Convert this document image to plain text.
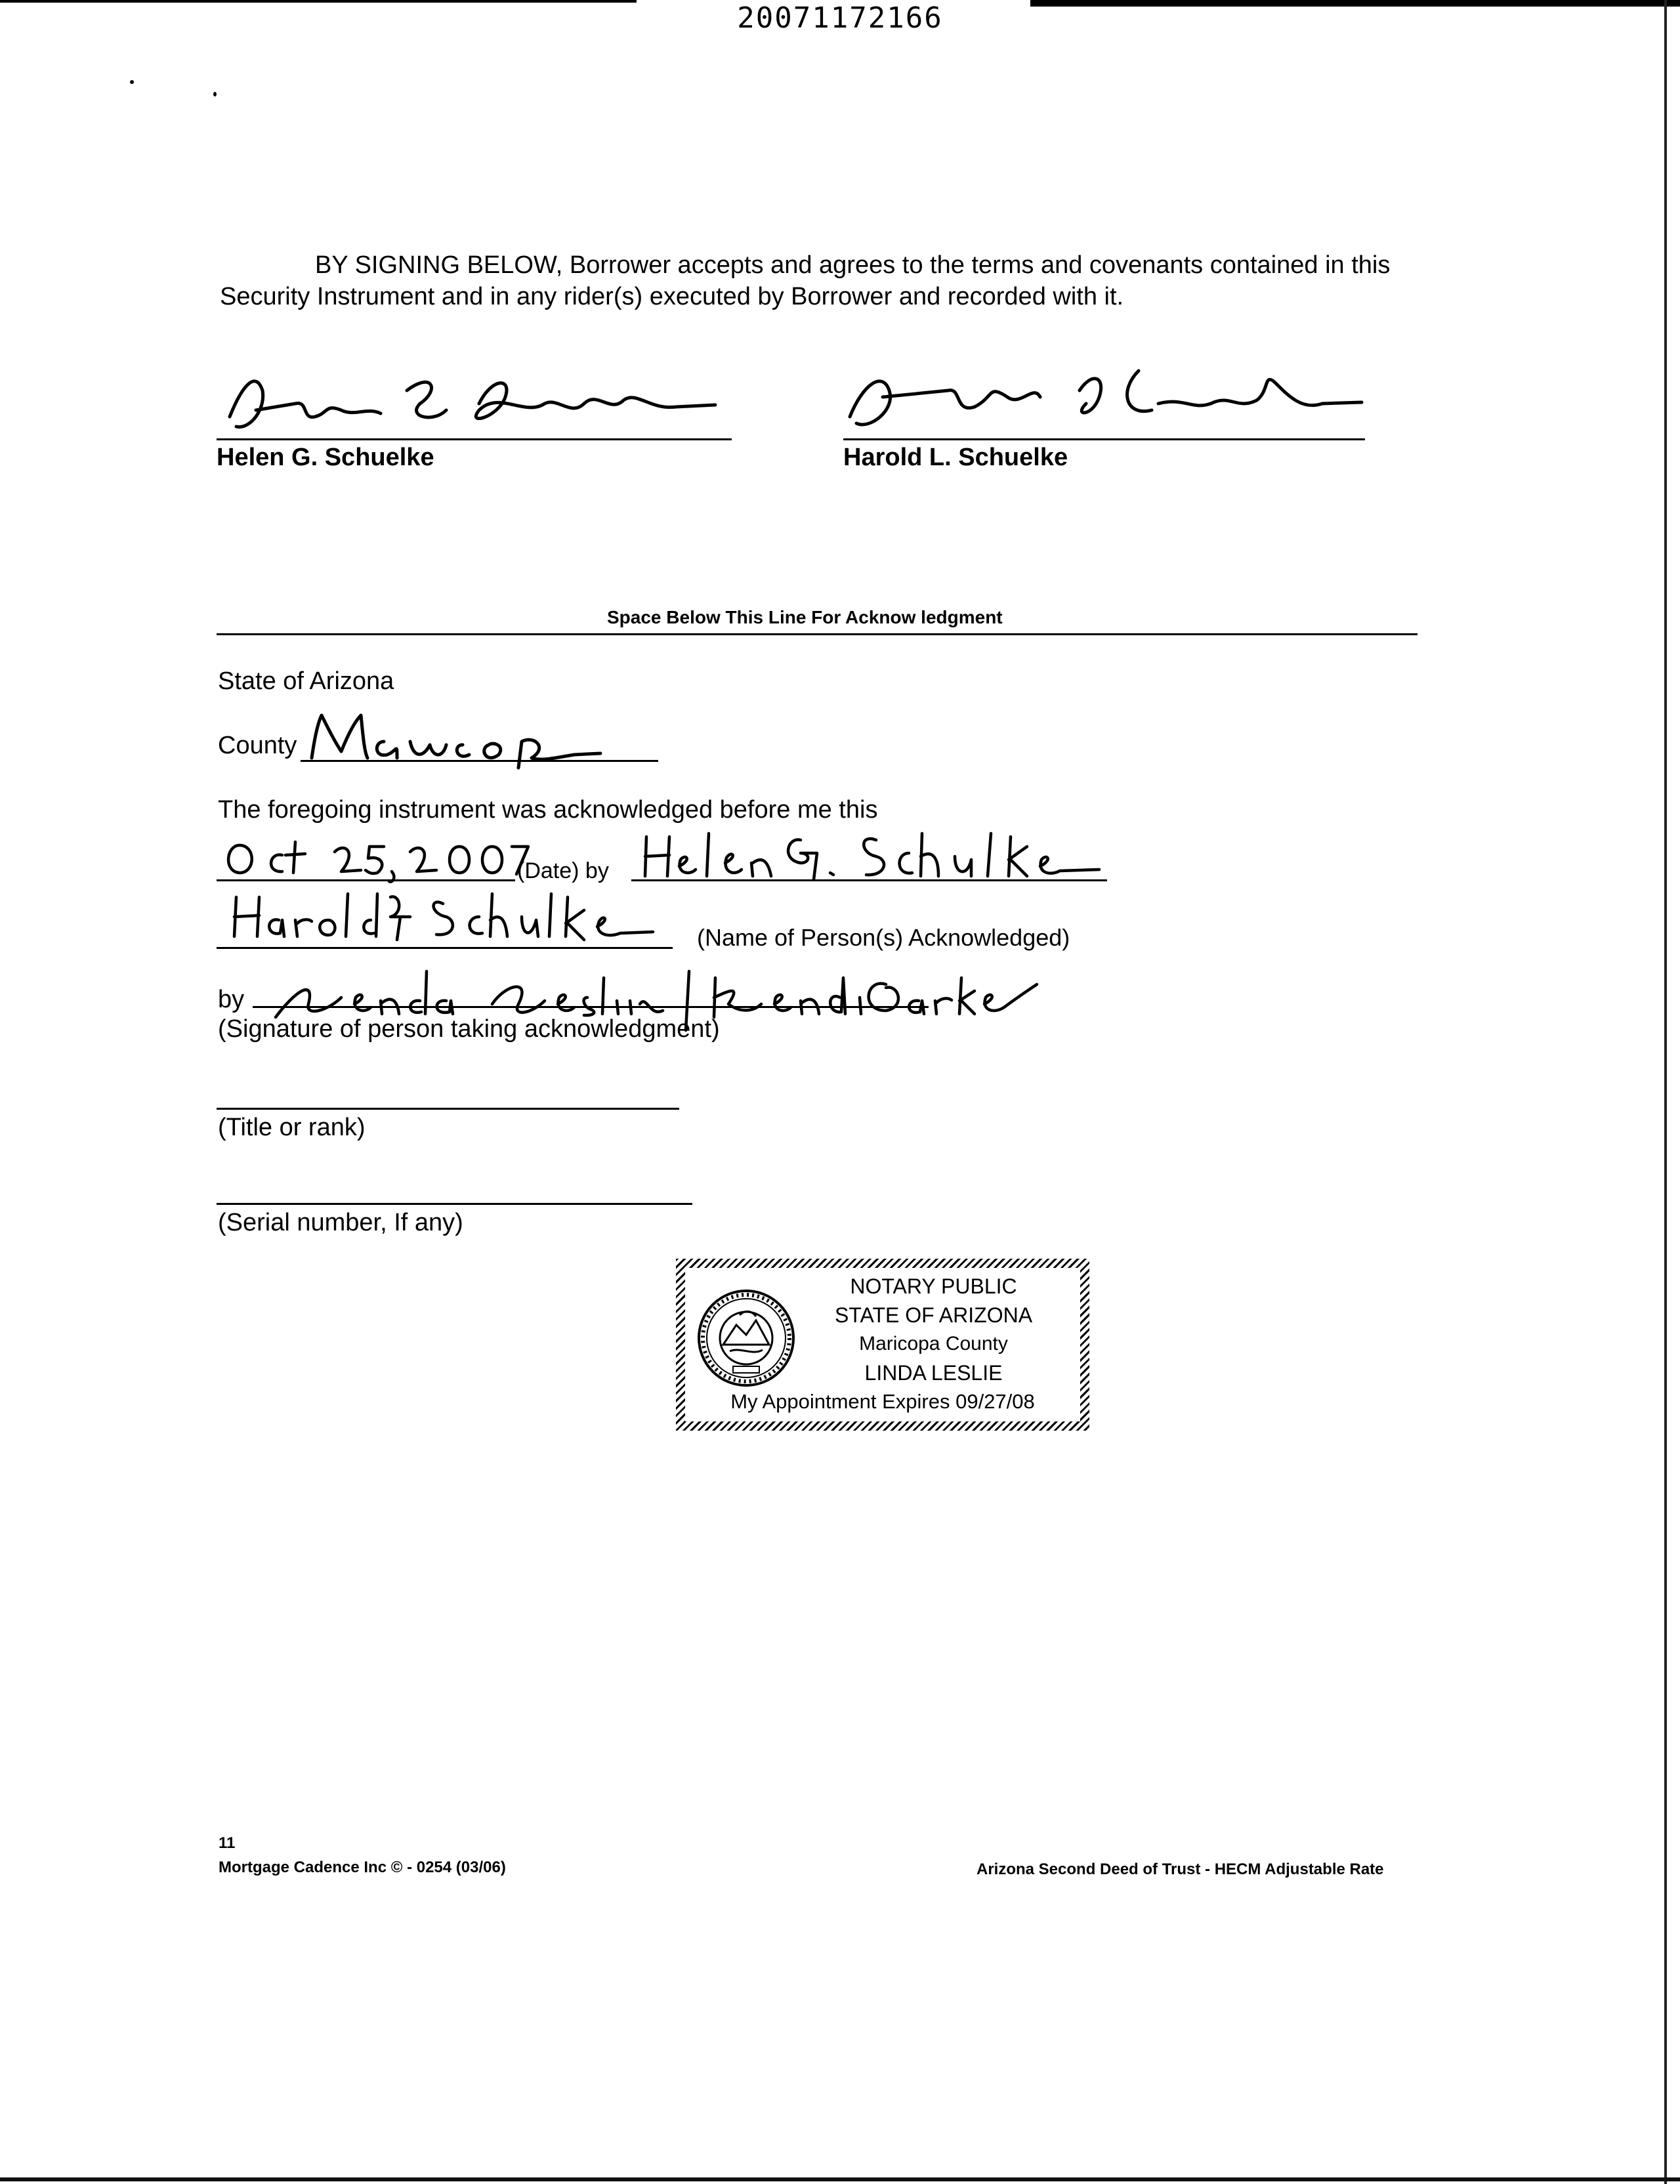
20071172166
BY SIGNING BELOW, Borrower accepts and agrees to the terms and covenants contained in this Security Instrument and in any rider(s) executed by Borrower and recorded with it.
Helen G. Schuelke	Harold L. Schuelke
Space Below This Line For Acknow ledgment
State of Arizona
County
The foregoing instrument was acknowledged before me this
(Date) by
(Name of Person(s) Acknowledged)
by
(Signature of person taking acknowledgment)
(Title or rank)
(Serial number, If any)
NOTARY PUBLIC
STATE OF ARIZONA
Maricopa County
LINDA LESLIE
My Appointment Expires 09/27/08
11
Mortgage Cadence Inc © - 0254 (03/06)	Arizona Second Deed of Trust - HECM Adjustable Rate
